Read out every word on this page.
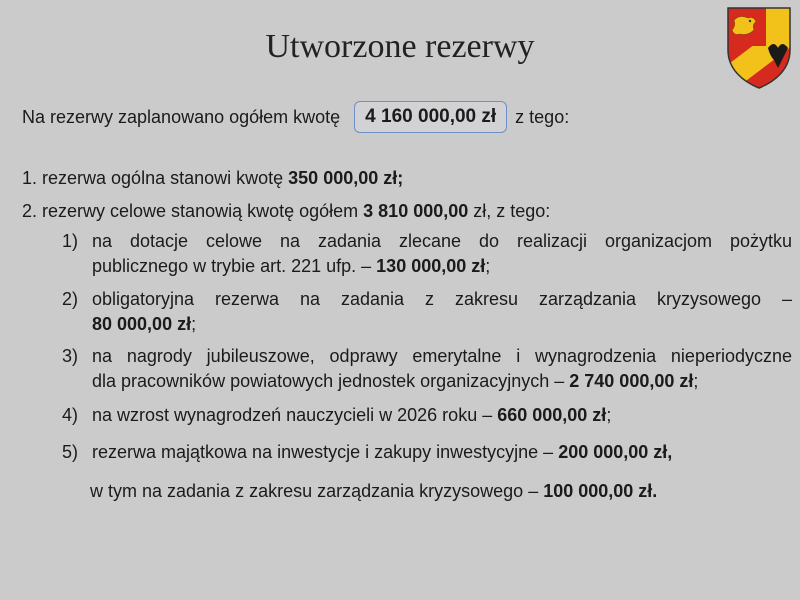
Utworzone rezerwy
Na rezerwy zaplanowano ogółem kwotę	4 160 000,00 zł	z tego:
1. rezerwa ogólna stanowi kwotę 350 000,00 zł;
2. rezerwy celowe stanowią kwotę ogółem 3 810 000,00 zł, z tego:
1) na dotacje celowe na zadania zlecane do realizacji organizacjom pożytku
publicznego w trybie art. 221 ufp. – 130 000,00 zł;
2) obligatoryjna rezerwa na zadania z zakresu zarządzania kryzysowego –
80 000,00 zł;
3) na nagrody jubileuszowe, odprawy emerytalne i wynagrodzenia nieperiodyczne
dla pracowników powiatowych jednostek organizacyjnych – 2 740 000,00 zł;
4) na wzrost wynagrodzeń nauczycieli w 2026 roku – 660 000,00 zł;
5) rezerwa majątkowa na inwestycje i zakupy inwestycyjne – 200 000,00 zł,
w tym na zadania z zakresu zarządzania kryzysowego – 100 000,00 zł.
